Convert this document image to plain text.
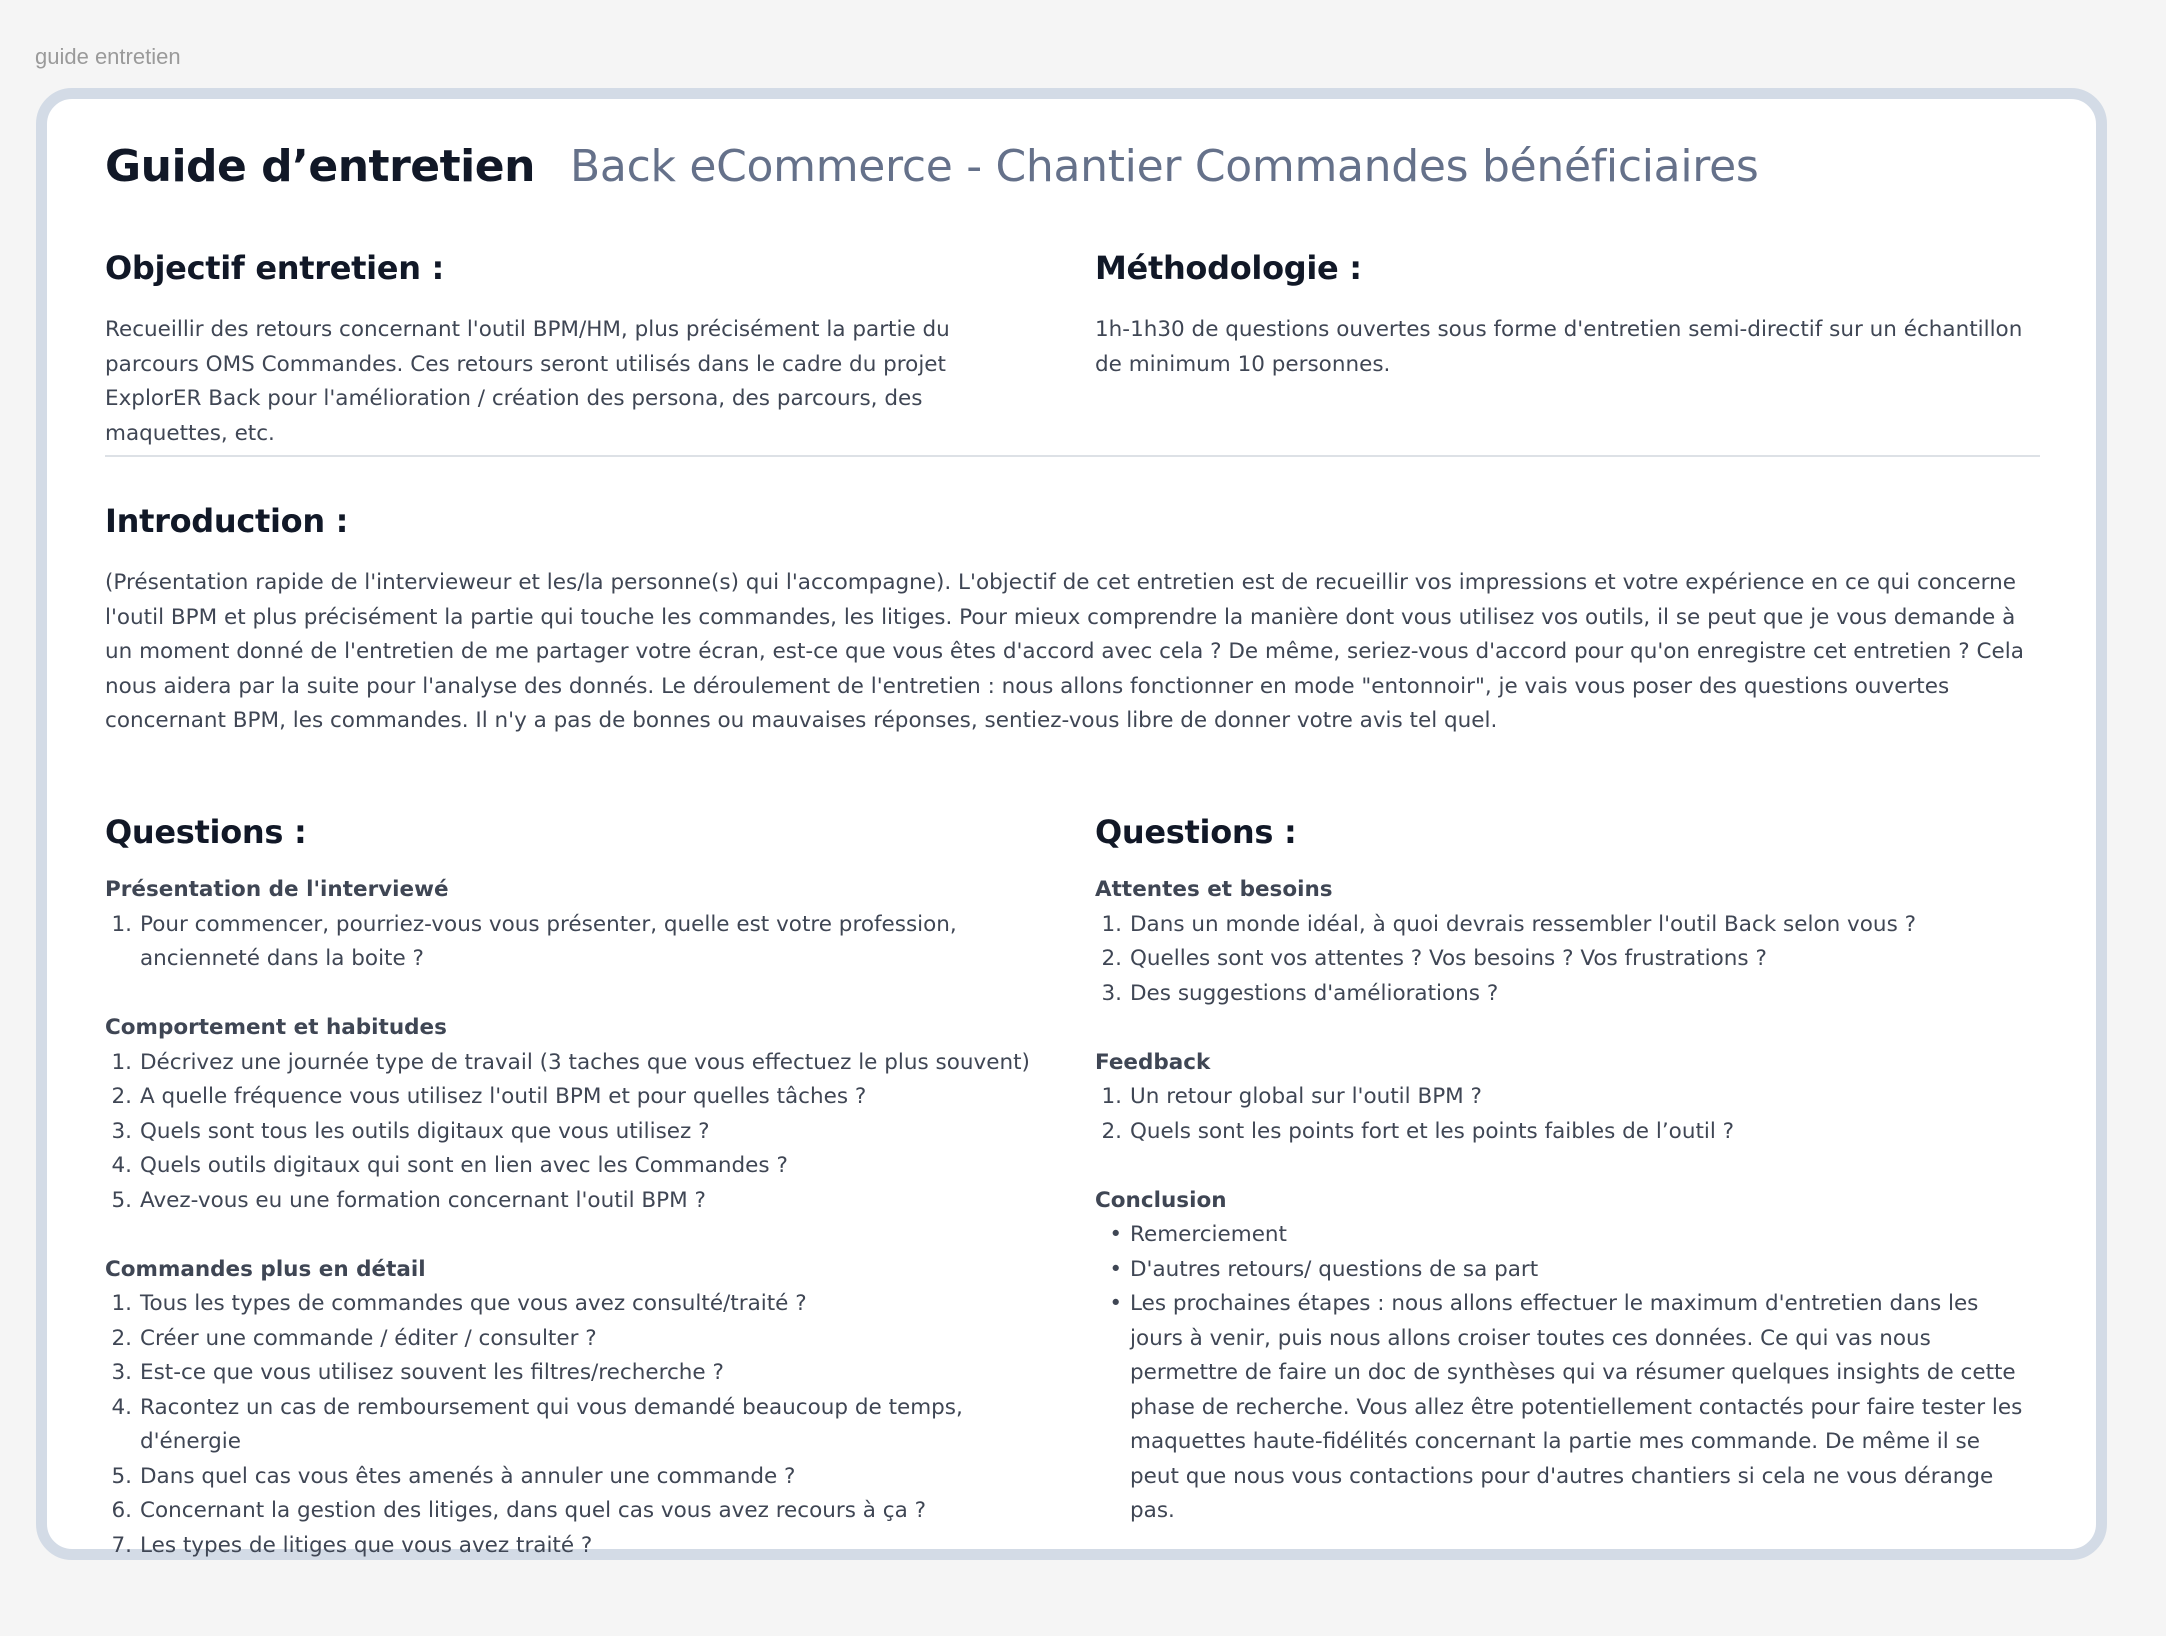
guide entretien
Guide d’entretien Back eCommerce - Chantier Commandes bénéficiaires
Objectif entretien :
Recueillir des retours concernant l'outil BPM/HM, plus précisément la partie du parcours OMS Commandes. Ces retours seront utilisés dans le cadre du projet ExplorER Back pour l'amélioration / création des persona, des parcours, des maquettes, etc.
Méthodologie :
1h-1h30 de questions ouvertes sous forme d'entretien semi-directif sur un échantillon de minimum 10 personnes.
Introduction :
(Présentation rapide de l'intervieweur et les/la personne(s) qui l'accompagne). L'objectif de cet entretien est de recueillir vos impressions et votre expérience en ce qui concerne l'outil BPM et plus précisément la partie qui touche les commandes, les litiges. Pour mieux comprendre la manière dont vous utilisez vos outils, il se peut que je vous demande à un moment donné de l'entretien de me partager votre écran, est-ce que vous êtes d'accord avec cela ? De même, seriez-vous d'accord pour qu'on enregistre cet entretien ? Cela nous aidera par la suite pour l'analyse des donnés. Le déroulement de l'entretien : nous allons fonctionner en mode "entonnoir", je vais vous poser des questions ouvertes concernant BPM, les commandes. Il n'y a pas de bonnes ou mauvaises réponses, sentiez-vous libre de donner votre avis tel quel.
Questions :
Présentation de l'interviewé
1. Pour commencer, pourriez-vous vous présenter, quelle est votre profession, ancienneté dans la boite ?
Comportement et habitudes
1. Décrivez une journée type de travail (3 taches que vous effectuez le plus souvent)
2. A quelle fréquence vous utilisez l'outil BPM et pour quelles tâches ?
3. Quels sont tous les outils digitaux que vous utilisez ?
4. Quels outils digitaux qui sont en lien avec les Commandes ?
5. Avez-vous eu une formation concernant l'outil BPM ?
Commandes plus en détail
1. Tous les types de commandes que vous avez consulté/traité ?
2. Créer une commande / éditer / consulter ?
3. Est-ce que vous utilisez souvent les filtres/recherche ?
4. Racontez un cas de remboursement qui vous demandé beaucoup de temps, d'énergie
5. Dans quel cas vous êtes amenés à annuler une commande ?
6. Concernant la gestion des litiges, dans quel cas vous avez recours à ça ?
7. Les types de litiges que vous avez traité ?
Questions :
Attentes et besoins
1. Dans un monde idéal, à quoi devrais ressembler l'outil Back selon vous ?
2. Quelles sont vos attentes ? Vos besoins ? Vos frustrations ?
3. Des suggestions d'améliorations ?
Feedback
1. Un retour global sur l'outil BPM ?
2. Quels sont les points fort et les points faibles de l’outil ?
Conclusion
• Remerciement
• D'autres retours/ questions de sa part
• Les prochaines étapes : nous allons effectuer le maximum d'entretien dans les jours à venir, puis nous allons croiser toutes ces données. Ce qui vas nous permettre de faire un doc de synthèses qui va résumer quelques insights de cette phase de recherche. Vous allez être potentiellement contactés pour faire tester les maquettes haute-fidélités concernant la partie mes commande. De même il se peut que nous vous contactions pour d'autres chantiers si cela ne vous dérange pas.
